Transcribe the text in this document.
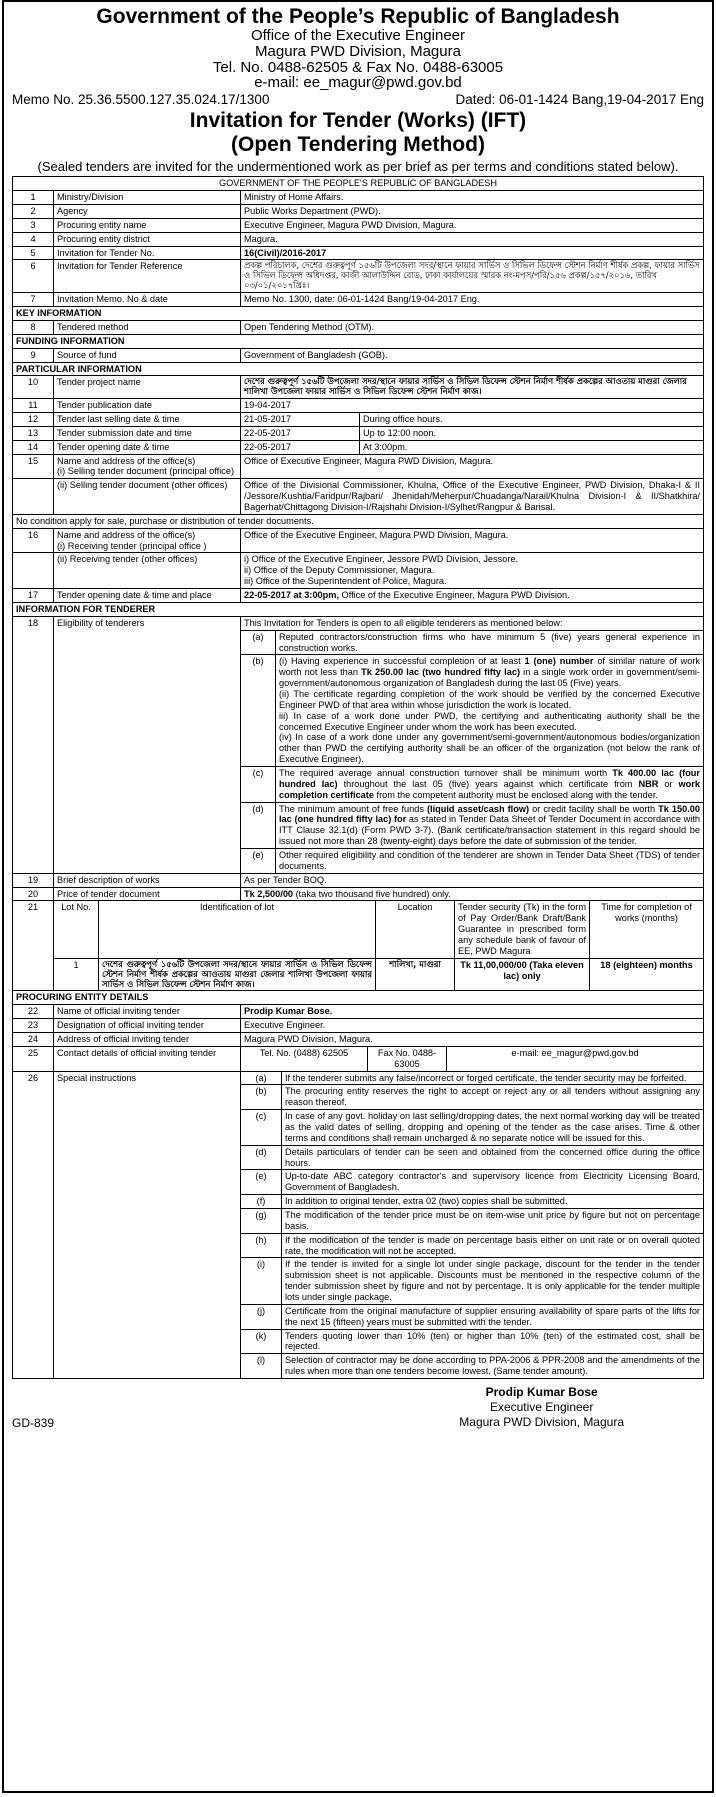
Government of the People’s Republic of Bangladesh
Office of the Executive Engineer
Magura PWD Division, Magura
Tel. No. 0488-62505 & Fax No. 0488-63005
e-mail: ee_magur@pwd.gov.bd
Memo No. 25.36.5500.127.35.024.17/1300	Dated: 06-01-1424 Bang,19-04-2017 Eng
Invitation for Tender (Works) (IFT)
(Open Tendering Method)
(Sealed tenders are invited for the undermentioned work as per brief as per terms and conditions stated below).
GOVERNMENT OF THE PEOPLE'S REPUBLIC OF BANGLADESH
1	Ministry/Division	Ministry of Home Affairs.
2	Agency	Public Works Department (PWD).
3	Procuring entity name	Executive Engineer, Magura PWD Division, Magura.
4	Procuring entity district	Magura.
5	Invitation for Tender No.	16(Civil)/2016-2017
6	Invitation for Tender Reference	প্রকল্প পরিচালক, দেশের গুরুত্বপূর্ণ ১৫৬টি উপজেলা সদর/স্থানে ফায়ার সার্ভিস ও সিভিল ডিফেন্স স্টেশন নির্মাণ শীর্ষক প্রকল্প, ফায়ার সার্ভিস ও সিভিল ডিফেন্স অধিদপ্তর, কাজী আলাউদ্দিন রোড, ঢাকা কার্যালয়ের স্মারক নং-মপস/পরি/১৫৬ প্রকল্প/১৫৭/২০১৬, তারিখ ০৩/০১/২০১৭খ্রিঃ।
7	Invitation Memo. No & date	Memo No. 1300, date: 06-01-1424 Bang/19-04-2017 Eng.
KEY INFORMATION
8	Tendered method	Open Tendering Method (OTM).
FUNDING INFORMATION
9	Source of fund	Government of Bangladesh (GOB).
PARTICULAR INFORMATION
10	Tender project name	দেশের গুরুত্বপূর্ণ ১৫৬টি উপজেলা সদর/স্থানে ফায়ার সার্ভিস ও সিভিল ডিফেন্স স্টেশন নির্মাণ শীর্ষক প্রকল্পের আওতায় মাগুরা জেলার শালিখা উপজেলা ফায়ার সার্ভিস ও সিভিল ডিফেন্স স্টেশন নির্মাণ কাজ।
11	Tender publication date	19-04-2017
12	Tender last selling date & time		21-05-2017	During office hours.

13	Tender submission date and time		22-05-2017	Up to 12:00 noon.

14	Tender opening date & time		22-05-2017	At 3:00pm.

15	Name and address of the office(s)
(i) Selling tender document (principal office)
	Office of Executive Engineer, Magura PWD Division, Magura.
	(ii) Selling tender document (other offices)	Office of the Divisional Commissioner, Khulna, Office of the Executive Engineer, PWD Division, Dhaka-I & II /Jessore/Kushtia/Faridpur/Rajbari/ Jhenidah/Meherpur/Chuadanga/Narail/Khulna Division-I & II/Shatkhira/ Bagerhat/Chittagong Division-I/Rajshahi Division-I/Sylhet/Rangpur & Barisal.
No condition apply for sale, purchase or distribution of tender documents.
16	Name and address of the office(s)
(i) Receiving tender (principal office )
	Office of the Executive Engineer, Magura PWD Division, Magura.
	(ii) Receiving tender (other offices)	i) Office of the Executive Engineer, Jessore PWD Division, Jessore.
ii) Office of the Deputy Commissioner, Magura.
iii) Office of the Superintendent of Police, Magura.

17	Tender opening date & time and place	22-05-2017 at 3:00pm, Office of the Executive Engineer, Magura PWD Division.
INFORMATION FOR TENDERER
18	Eligibility of tenderers	This Invitation for Tenders is open to all eligible tenderers as mentioned below:
(a)	Reputed contractors/construction firms who have minimum 5 (five) years general experience in construction works.
(b)	(i) Having experience in successful completion of at least 1 (one) number of similar nature of work worth not less than Tk 250.00 lac (two hundred fifty lac) in a single work order in government/semi-government/autonomous organization of Bangladesh during the last 05 (Five) years.
(ii) The certificate regarding completion of the work should be verified by the concerned Executive Engineer PWD of that area within whose jurisdiction the work is located.
iii) In case of a work done under PWD, the certifying and authenticating authority shall be the concerned Executive Engineer under whom the work has been executed.
(iv) In case of a work done under any government/semi-government/autonomous bodies/organization other than PWD the certifying authority shall be an officer of the organization (not below the rank of Executive Engineer).

(c)	The required average annual construction turnover shall be minimum worth Tk 400.00 lac (four hundred lac) throughout the last 05 (five) years against which certificate from NBR or work completion certificate from the competent authority must be enclosed along with the tender.
(d)	The minimum amount of free funds (liquid asset/cash flow) or credit facility shall be worth Tk 150.00 lac (one hundred fifty lac) for as stated in Tender Data Sheet of Tender Document in accordance with ITT Clause 32.1(d) (Form PWD 3-7). (Bank certificate/transaction statement in this regard should be issued not more than 28 (twenty-eight) days before the date of submission of the tender.
(e)	Other required eligibility and condition of the tenderer are shown in Tender Data Sheet (TDS) of tender documents.

19	Brief description of works	As per Tender BOQ.
20	Price of tender document	Tk 2,500/00 (taka two thousand five hundred) only.
21		Lot No.	Identification of lot	Location	Tender security (Tk) in the form of Pay Order/Bank Draft/Bank Guarantee in prescribed form any schedule bank of favour of EE, PWD Magura	Time for completion of works (months)
1	দেশের গুরুত্বপূর্ণ ১৫৬টি উপজেলা সদর/স্থানে ফায়ার সার্ভিস ও সিভিল ডিফেন্স স্টেশন নির্মাণ শীর্ষক প্রকল্পের আওতায় মাগুরা জেলার শালিখা উপজেলা ফায়ার সার্ভিস ও সিভিল ডিফেন্স স্টেশন নির্মাণ কাজ।	শালিখা, মাগুরা	Tk 11,00,000/00 (Taka eleven lac) only	18 (eighteen) months

PROCURING ENTITY DETAILS
22	Name of official inviting tender	Prodip Kumar Bose.
23	Designation of official inviting tender	Executive Engineer.
24	Address of official inviting tender	Magura PWD Division, Magura.
25	Contact details of official inviting tender		Tel. No. (0488) 62505	Fax No. 0488-63005	e-mail: ee_magur@pwd.gov.bd

26	Special instructions		(a)	If the tenderer submits any false/incorrect or forged certificate, the tender security may be forfeited.
(b)	The procuring entity reserves the right to accept or reject any or all tenders without assigning any reason thereof.
(c)	In case of any govt. holiday on last selling/dropping dates, the next normal working day will be treated as the valid dates of selling, dropping and opening of the tender as the case arises. Time & other terms and conditions shall remain uncharged & no separate notice will be issued for this.
(d)	Details particulars of tender can be seen and obtained from the concerned office during the office hours.
(e)	Up-to-date ABC category contractor's and supervisory licence from Electricity Licensing Board, Government of Bangladesh.
(f)	In addition to original tender, extra 02 (two) copies shall be submitted.
(g)	The modification of the tender price must be on item-wise unit price by figure but not on percentage basis.
(h)	If the modification of the tender is made on percentage basis either on unit rate or on overall quoted rate, the modification will not be accepted.
(i)	If the tender is invited for a single lot under single package, discount for the tender in the tender submission sheet is not applicable. Discounts must be mentioned in the respective column of the tender submission sheet by figure and not by percentage. It is only applicable for the tender multiple lots under single package.
(j)	Certificate from the original manufacture of supplier ensuring availability of spare parts of the lifts for the next 15 (fifteen) years must be submitted with the tender.
(k)	Tenders quoting lower than 10% (ten) or higher than 10% (ten) of the estimated cost, shall be rejected.
(l)	Selection of contractor may be done according to PPA-2006 & PPR-2008 and the amendments of the rules when more than one tenders become lowest. (Same tender amount).
GD-839
Prodip Kumar Bose
Executive Engineer
Magura PWD Division, Magura
